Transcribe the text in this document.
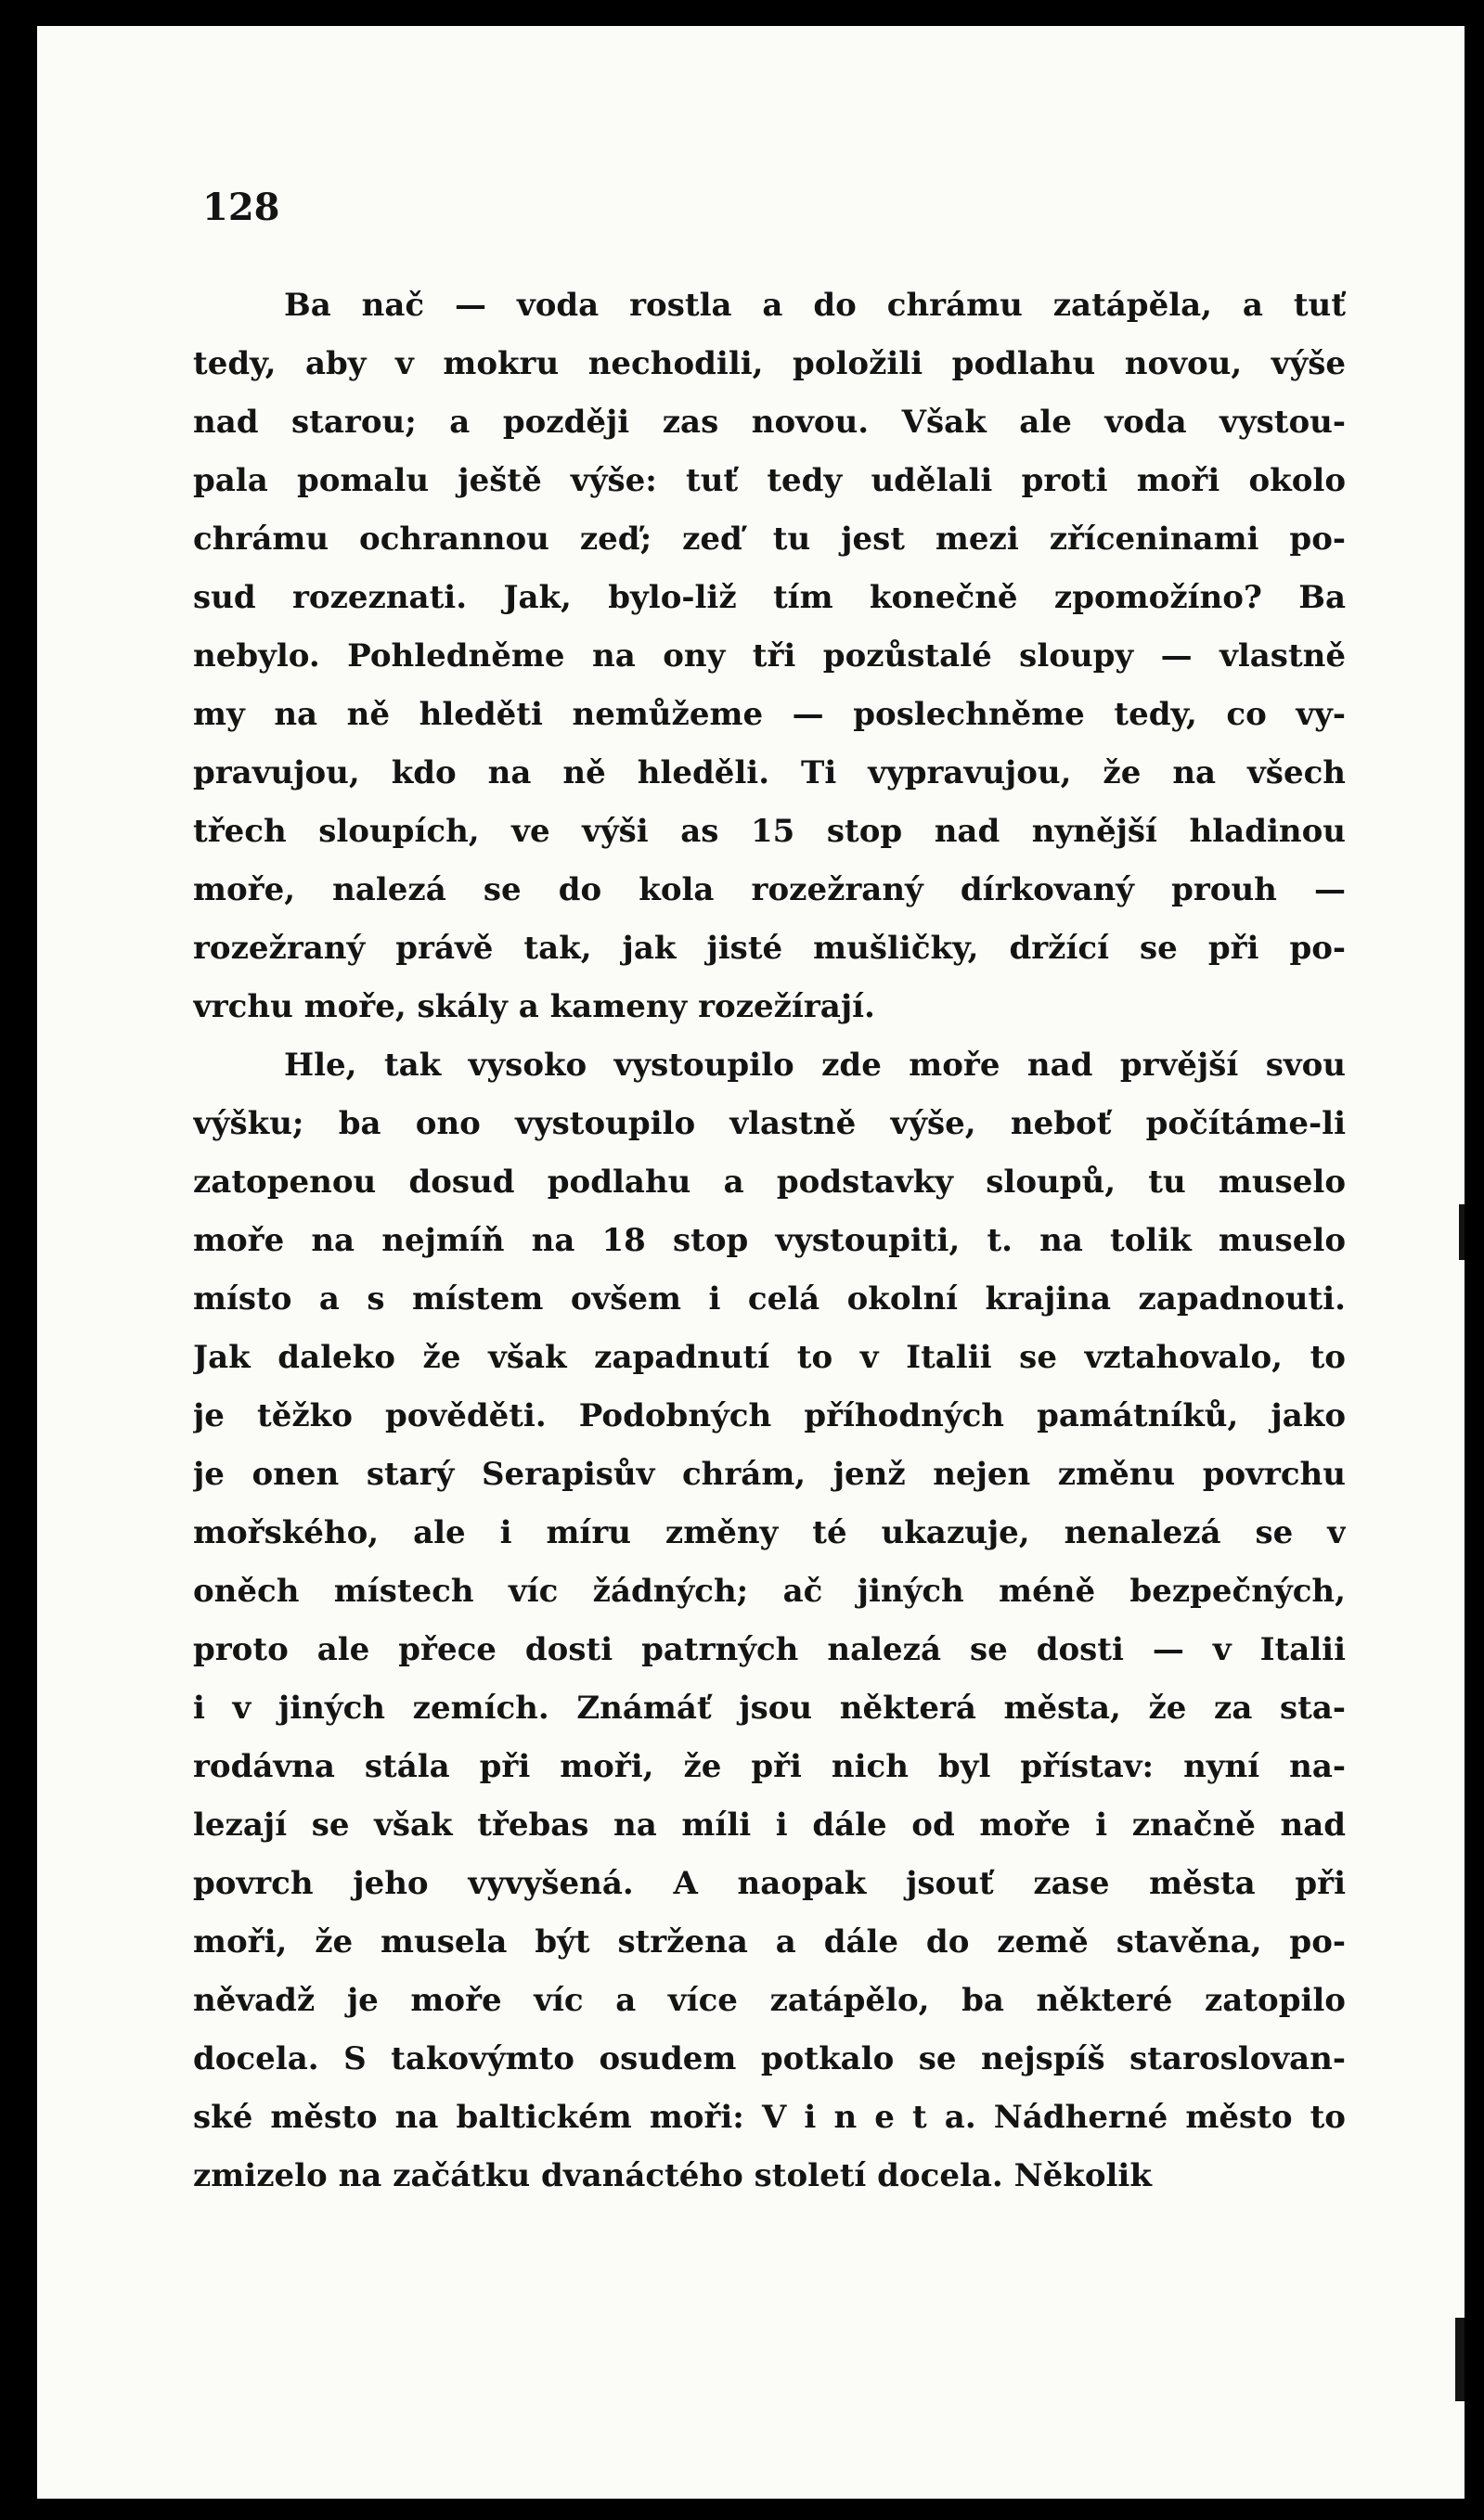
128

Ba nač — voda rostla a do chrámu zatápěla, a tuť
tedy, aby v mokru nechodili, položili podlahu novou, výše
nad starou; a později zas novou. Však ale voda vystou-
pala pomalu ještě výše: tuť tedy udělali proti moři okolo
chrámu ochrannou zeď; zeď tu jest mezi zříceninami po-
sud rozeznati. Jak, bylo-liž tím konečně zpomožíno? Ba
nebylo. Pohledněme na ony tři pozůstalé sloupy — vlastně
my na ně hleděti nemůžeme — poslechněme tedy, co vy-
pravujou, kdo na ně hleděli. Ti vypravujou, že na všech
třech sloupích, ve výši as 15 stop nad nynější hladinou
moře, nalezá se do kola rozežraný dírkovaný prouh —
rozežraný právě tak, jak jisté mušličky, držící se při po-
vrchu moře, skály a kameny rozežírají.
Hle, tak vysoko vystoupilo zde moře nad prvější svou
výšku; ba ono vystoupilo vlastně výše, neboť počítáme-li
zatopenou dosud podlahu a podstavky sloupů, tu muselo
moře na nejmíň na 18 stop vystoupiti, t. na tolik muselo
místo a s místem ovšem i celá okolní krajina zapadnouti.
Jak daleko že však zapadnutí to v Italii se vztahovalo, to
je těžko pověděti. Podobných příhodných památníků, jako
je onen starý Serapisův chrám, jenž nejen změnu povrchu
mořského, ale i míru změny té ukazuje, nenalezá se v
oněch místech víc žádných; ač jiných méně bezpečných,
proto ale přece dosti patrných nalezá se dosti — v Italii
i v jiných zemích. Známáť jsou některá města, že za sta-
rodávna stála při moři, že při nich byl přístav: nyní na-
lezají se však třebas na míli i dále od moře i značně nad
povrch jeho vyvyšená. A naopak jsouť zase města při
moři, že musela být stržena a dále do země stavěna, po-
něvadž je moře víc a více zatápělo, ba některé zatopilo
docela. S takovýmto osudem potkalo se nejspíš staroslovan-
ské město na baltickém moři: V i n e t a. Nádherné město to
zmizelo na začátku dvanáctého století docela. Několik
